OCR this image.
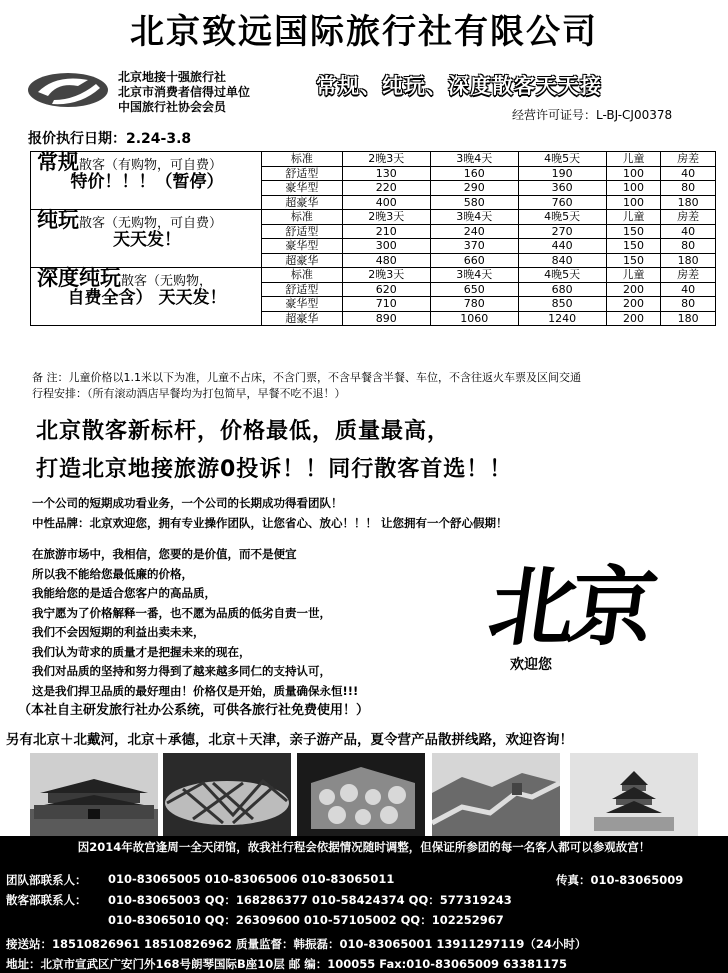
北京致远国际旅行社有限公司
北京地接十强旅行社
北京市消费者信得过单位
中国旅行社协会会员
常规、纯玩、深度散客天天接
经营许可证号：L-BJ-CJ00378
报价执行日期：2.24-3.8
常规散客（有购物，可自费）
特价！！！（暂停）	标准	2晚3天	3晚4天	4晚5天	儿童	房差
	舒适型	130	160	190	100	40
	豪华型	220	290	360	100	80
	超豪华	400	580	760	100	180
纯玩散客（无购物，可自费）
天天发！	标准	2晚3天	3晚4天	4晚5天	儿童	房差
	舒适型	210	240	270	150	40
	豪华型	300	370	440	150	80
	超豪华	480	660	840	150	180
深度纯玩散客（无购物，
自费全含） 天天发！	标准	2晚3天	3晚4天	4晚5天	儿童	房差
	舒适型	620	650	680	200	40
	豪华型	710	780	850	200	80
	超豪华	890	1060	1240	200	180
备 注：儿童价格以1.1米以下为准，儿童不占床，不含门票，不含早餐含半餐、车位，不含往返火车票及区间交通
行程安排：（所有滚动酒店早餐均为打包简早，早餐不吃不退！）
北京散客新标杆，价格最低，质量最高，
打造北京地接旅游0投诉！！同行散客首选！！
一个公司的短期成功看业务，一个公司的长期成功得看团队！
中性品牌：北京欢迎您，拥有专业操作团队，让您省心、放心！！！ 让您拥有一个舒心假期！
在旅游市场中，我相信，您要的是价值，而不是便宜
所以我不能给您最低廉的价格，
我能给您的是适合您客户的高品质，
我宁愿为了价格解释一番，也不愿为品质的低劣自责一世，
我们不会因短期的利益出卖未来，
我们认为苛求的质量才是把握未来的现在，
我们对品质的坚持和努力得到了越来越多同仁的支持认可，
这是我们捍卫品质的最好理由！价格仅是开始，质量确保永恒!!!
（本社自主研发旅行社办公系统，可供各旅行社免费使用！）
北京
欢迎您
另有北京＋北戴河，北京＋承德，北京＋天津，亲子游产品，夏令营产品散拼线路，欢迎咨询！
因2014年故宫逢周一全天闭馆，故我社行程会依据情况随时调整，但保证所参团的每一名客人都可以参观故宫！
团队部联系人： 010-83065005 010-83065006 010-83065011	传真：010-83065009
散客部联系人： 010-83065003 QQ：168286377 010-58424374 QQ：577319243
010-83065010 QQ：26309600 010-57105002 QQ：102252967
接送站：18510826961 18510826962 质量监督：韩振磊：010-83065001 13911297119（24小时）
地址：北京市宣武区广安门外168号朗琴国际B座10层 邮 编：100055 Fax:010-83065009 63381175
